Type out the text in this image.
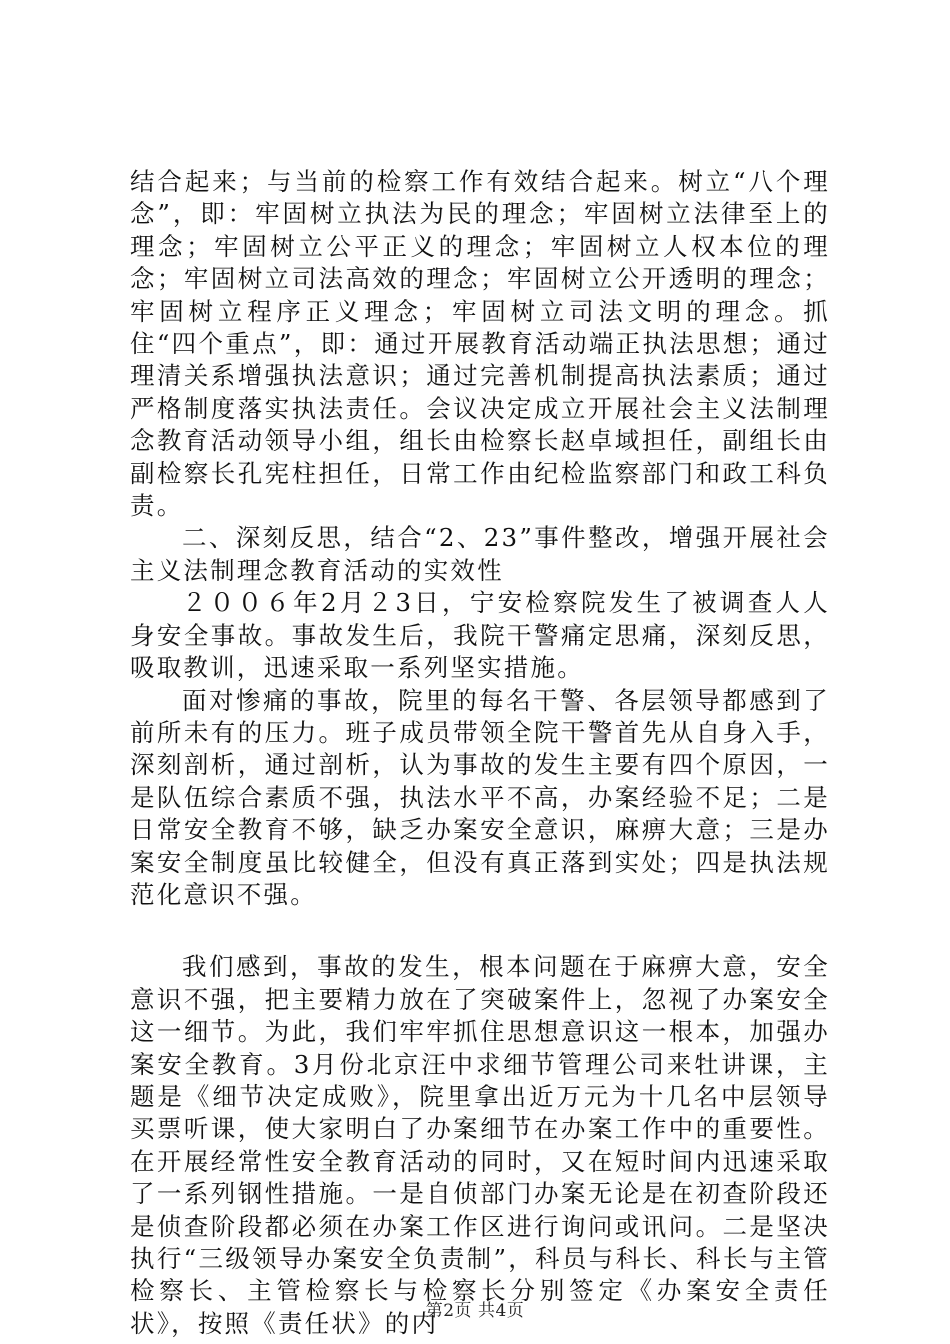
结合起来；与当前的检察工作有效结合起来。树立“八个理念”，即：牢固树立执法为民的理念；牢固树立法律至上的理念；牢固树立公平正义的理念；牢固树立人权本位的理念；牢固树立司法高效的理念；牢固树立公开透明的理念；牢固树立程序正义理念；牢固树立司法文明的理念。抓住“四个重点”，即：通过开展教育活动端正执法思想；通过理清关系增强执法意识；通过完善机制提高执法素质；通过严格制度落实执法责任。会议决定成立开展社会主义法制理念教育活动领导小组，组长由检察长赵卓域担任，副组长由副检察长孔宪柱担任，日常工作由纪检监察部门和政工科负责。

二、深刻反思，结合“2、23”事件整改，增强开展社会主义法制理念教育活动的实效性

２００６年2月２3日，宁安检察院发生了被调查人人身安全事故。事故发生后，我院干警痛定思痛，深刻反思，吸取教训，迅速采取一系列坚实措施。

面对惨痛的事故，院里的每名干警、各层领导都感到了前所未有的压力。班子成员带领全院干警首先从自身入手，深刻剖析，通过剖析，认为事故的发生主要有四个原因，一是队伍综合素质不强，执法水平不高，办案经验不足；二是日常安全教育不够，缺乏办案安全意识，麻痹大意；三是办案安全制度虽比较健全，但没有真正落到实处；四是执法规范化意识不强。

我们感到，事故的发生，根本问题在于麻痹大意，安全意识不强，把主要精力放在了突破案件上，忽视了办案安全这一细节。为此，我们牢牢抓住思想意识这一根本，加强办案安全教育。3月份北京汪中求细节管理公司来牡讲课，主题是《细节决定成败》，院里拿出近万元为十几名中层领导买票听课，使大家明白了办案细节在办案工作中的重要性。在开展经常性安全教育活动的同时，又在短时间内迅速采取了一系列钢性措施。一是自侦部门办案无论是在初查阶段还是侦查阶段都必须在办案工作区进行询问或讯问。二是坚决执行“三级领导办案安全负责制”，科员与科长、科长与主管检察长、主管检察长与检察长分别签定《办案安全责任状》，按照《责任状》的内

第2页 共4页
